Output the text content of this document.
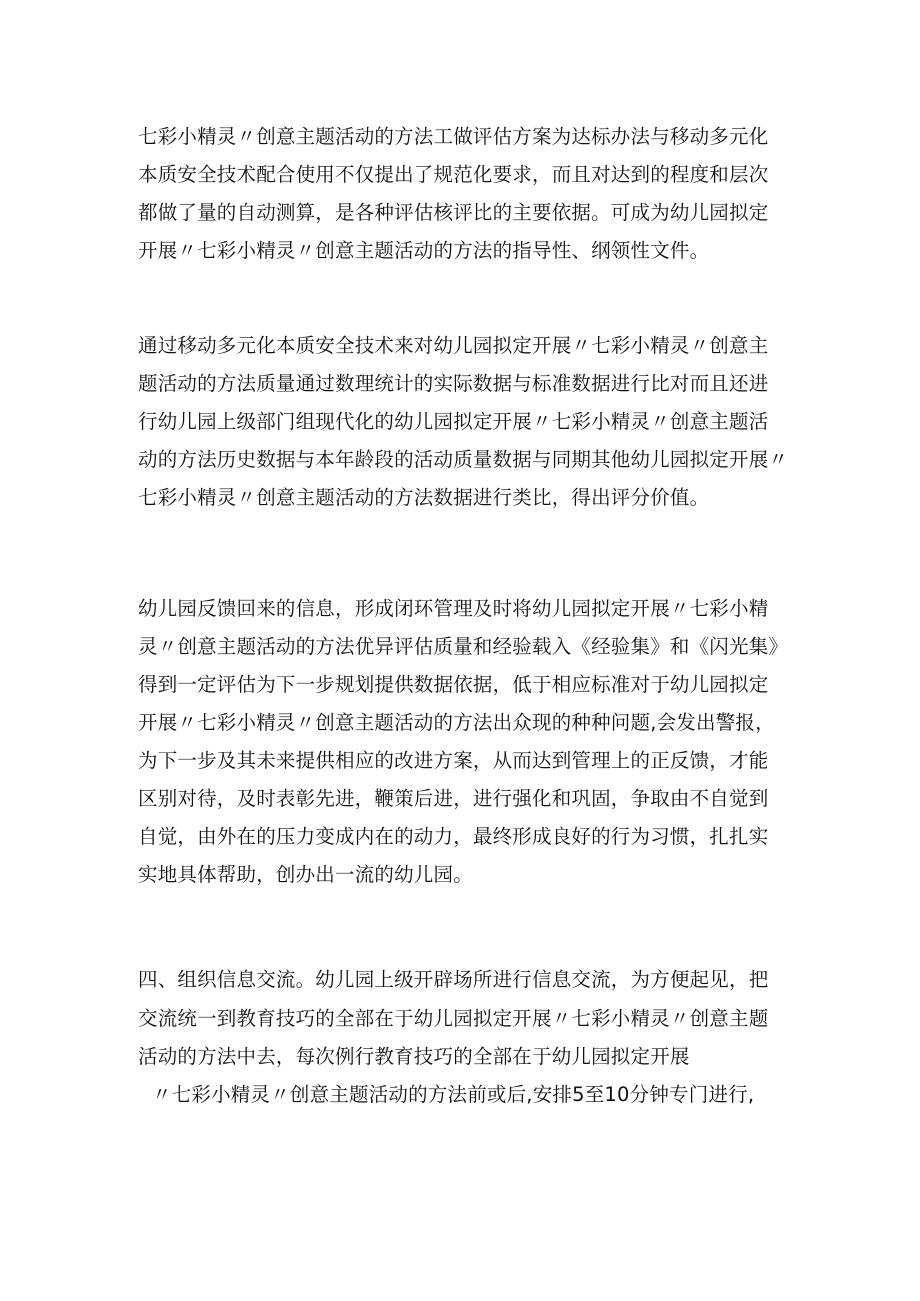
七彩小精灵〃创意主题活动的方法工做评估方案为达标办法与移动多元化
本质安全技术配合使用不仅提出了规范化要求，而且对达到的程度和层次
都做了量的自动测算，是各种评估核评比的主要依据。可成为幼儿园拟定
开展〃七彩小精灵〃创意主题活动的方法的指导性、纲领性文件。
通过移动多元化本质安全技术来对幼儿园拟定开展〃七彩小精灵〃创意主
题活动的方法质量通过数理统计的实际数据与标准数据进行比对而且还进
行幼儿园上级部门组现代化的幼儿园拟定开展〃七彩小精灵〃创意主题活
动的方法历史数据与本年龄段的活动质量数据与同期其他幼儿园拟定开展〃
七彩小精灵〃创意主题活动的方法数据进行类比，得出评分价值。
幼儿园反馈回来的信息，形成闭环管理及时将幼儿园拟定开展〃七彩小精
灵〃创意主题活动的方法优异评估质量和经验载入《经验集》和《闪光集》
得到一定评估为下一步规划提供数据依据，低于相应标准对于幼儿园拟定
开展〃七彩小精灵〃创意主题活动的方法出众现的种种问题,会发出警报，
为下一步及其未来提供相应的改进方案，从而达到管理上的正反馈，才能
区别对待，及时表彰先进，鞭策后进，进行强化和巩固，争取由不自觉到
自觉，由外在的压力变成内在的动力，最终形成良好的行为习惯，扎扎实
实地具体帮助，创办出一流的幼儿园。
四、组织信息交流。幼儿园上级开辟场所进行信息交流，为方便起见，把
交流统一到教育技巧的全部在于幼儿园拟定开展〃七彩小精灵〃创意主题
活动的方法中去，每次例行教育技巧的全部在于幼儿园拟定开展
〃七彩小精灵〃创意主题活动的方法前或后,安排5至10分钟专门进行,
